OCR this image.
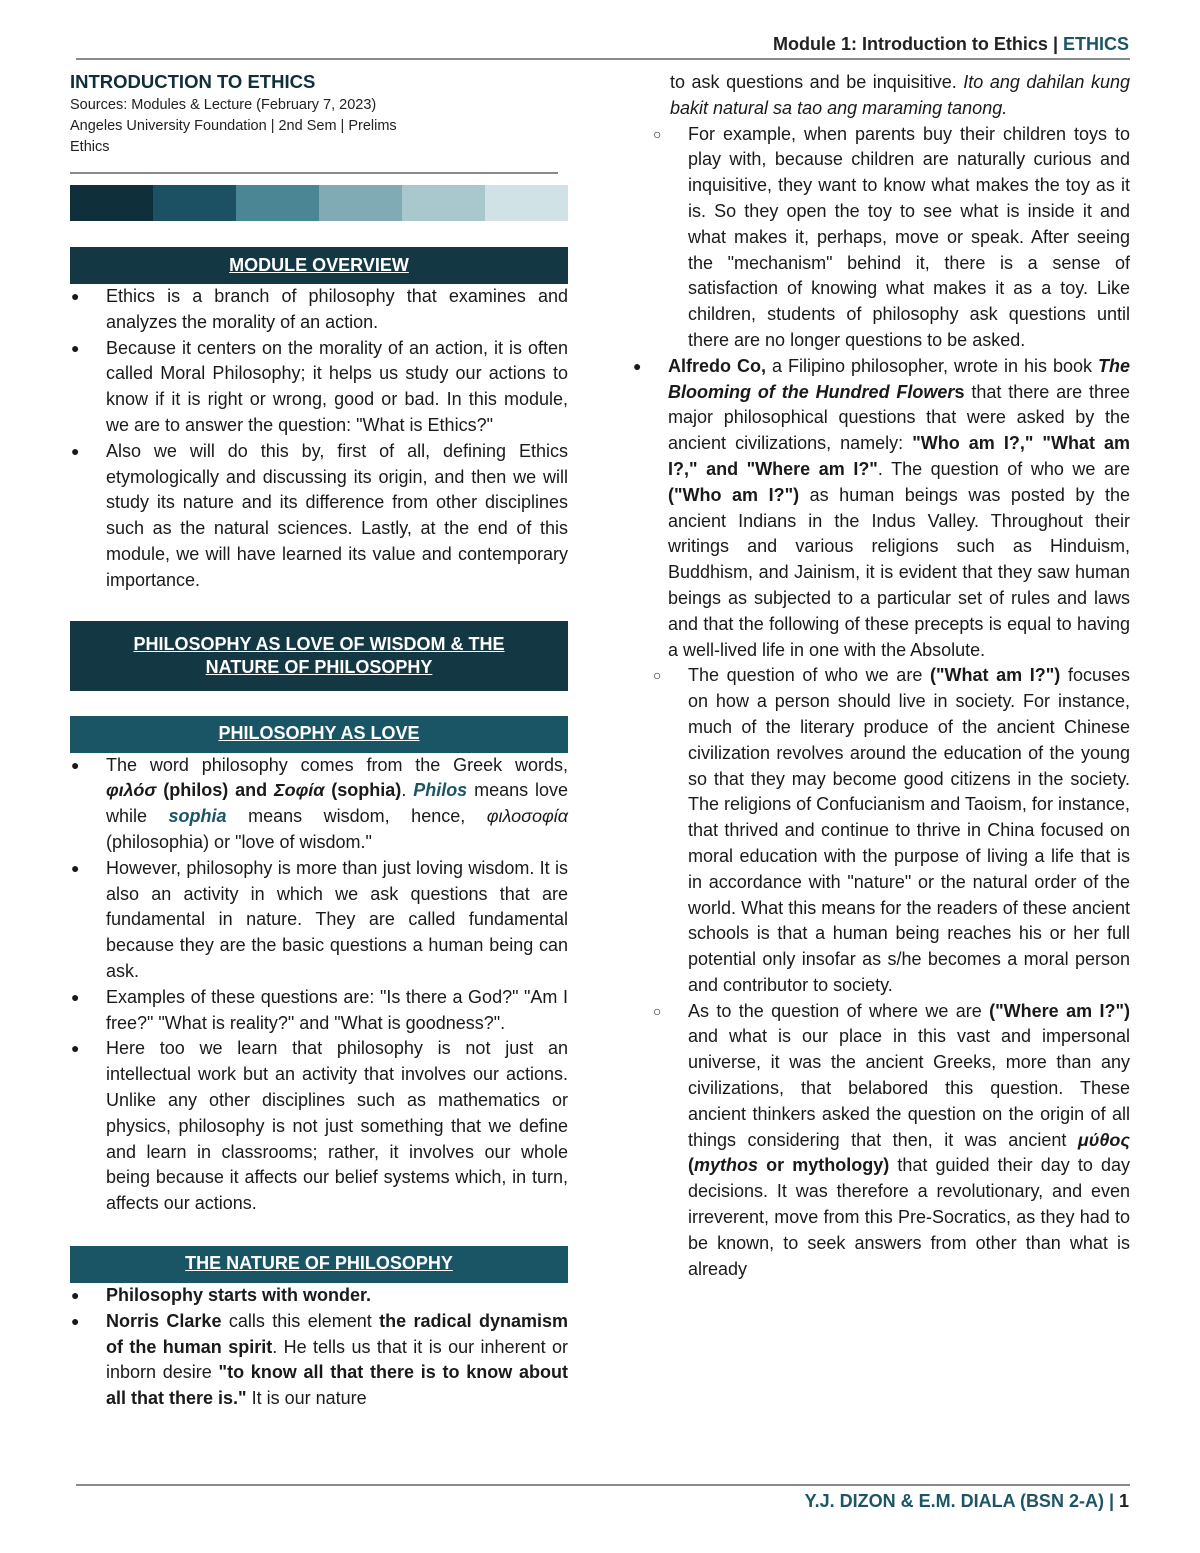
Module 1: Introduction to Ethics | ETHICS
INTRODUCTION TO ETHICS
Sources: Modules & Lecture (February 7, 2023)
Angeles University Foundation | 2nd Sem | Prelims
Ethics
MODULE OVERVIEW
● Ethics is a branch of philosophy that examines and analyzes the morality of an action.
● Because it centers on the morality of an action, it is often called Moral Philosophy; it helps us study our actions to know if it is right or wrong, good or bad. In this module, we are to answer the question: "What is Ethics?"
● Also we will do this by, first of all, defining Ethics etymologically and discussing its origin, and then we will study its nature and its difference from other disciplines such as the natural sciences. Lastly, at the end of this module, we will have learned its value and contemporary importance.
PHILOSOPHY AS LOVE OF WISDOM & THE
NATURE OF PHILOSOPHY
PHILOSOPHY AS LOVE
● The word philosophy comes from the Greek words, φιλόσ (philos) and Σοφία (sophia). Philos means love while sophia means wisdom, hence, φιλοσοφία (philosophia) or "love of wisdom."
● However, philosophy is more than just loving wisdom. It is also an activity in which we ask questions that are fundamental in nature. They are called fundamental because they are the basic questions a human being can ask.
● Examples of these questions are: "Is there a God?" "Am I free?" "What is reality?" and "What is goodness?".
● Here too we learn that philosophy is not just an intellectual work but an activity that involves our actions. Unlike any other disciplines such as mathematics or physics, philosophy is not just something that we define and learn in classrooms; rather, it involves our whole being because it affects our belief systems which, in turn, affects our actions.
THE NATURE OF PHILOSOPHY
● Philosophy starts with wonder.
● Norris Clarke calls this element the radical dynamism of the human spirit. He tells us that it is our inherent or inborn desire "to know all that there is to know about all that there is." It is our nature
to ask questions and be inquisitive. Ito ang dahilan kung bakit natural sa tao ang maraming tanong.
○ For example, when parents buy their children toys to play with, because children are naturally curious and inquisitive, they want to know what makes the toy as it is. So they open the toy to see what is inside it and what makes it, perhaps, move or speak. After seeing the "mechanism" behind it, there is a sense of satisfaction of knowing what makes it as a toy. Like children, students of philosophy ask questions until there are no longer questions to be asked.
● Alfredo Co, a Filipino philosopher, wrote in his book The Blooming of the Hundred Flowers that there are three major philosophical questions that were asked by the ancient civilizations, namely: "Who am I?," "What am I?," and "Where am I?". The question of who we are ("Who am I?") as human beings was posted by the ancient Indians in the Indus Valley. Throughout their writings and various religions such as Hinduism, Buddhism, and Jainism, it is evident that they saw human beings as subjected to a particular set of rules and laws and that the following of these precepts is equal to having a well-lived life in one with the Absolute.
○ The question of who we are ("What am I?") focuses on how a person should live in society. For instance, much of the literary produce of the ancient Chinese civilization revolves around the education of the young so that they may become good citizens in the society. The religions of Confucianism and Taoism, for instance, that thrived and continue to thrive in China focused on moral education with the purpose of living a life that is in accordance with "nature" or the natural order of the world. What this means for the readers of these ancient schools is that a human being reaches his or her full potential only insofar as s/he becomes a moral person and contributor to society.
○ As to the question of where we are ("Where am I?") and what is our place in this vast and impersonal universe, it was the ancient Greeks, more than any civilizations, that belabored this question. These ancient thinkers asked the question on the origin of all things considering that then, it was ancient μύθος (mythos or mythology) that guided their day to day decisions. It was therefore a revolutionary, and even irreverent, move from this Pre-Socratics, as they had to be known, to seek answers from other than what is already
Y.J. DIZON & E.M. DIALA (BSN 2-A) | 1
